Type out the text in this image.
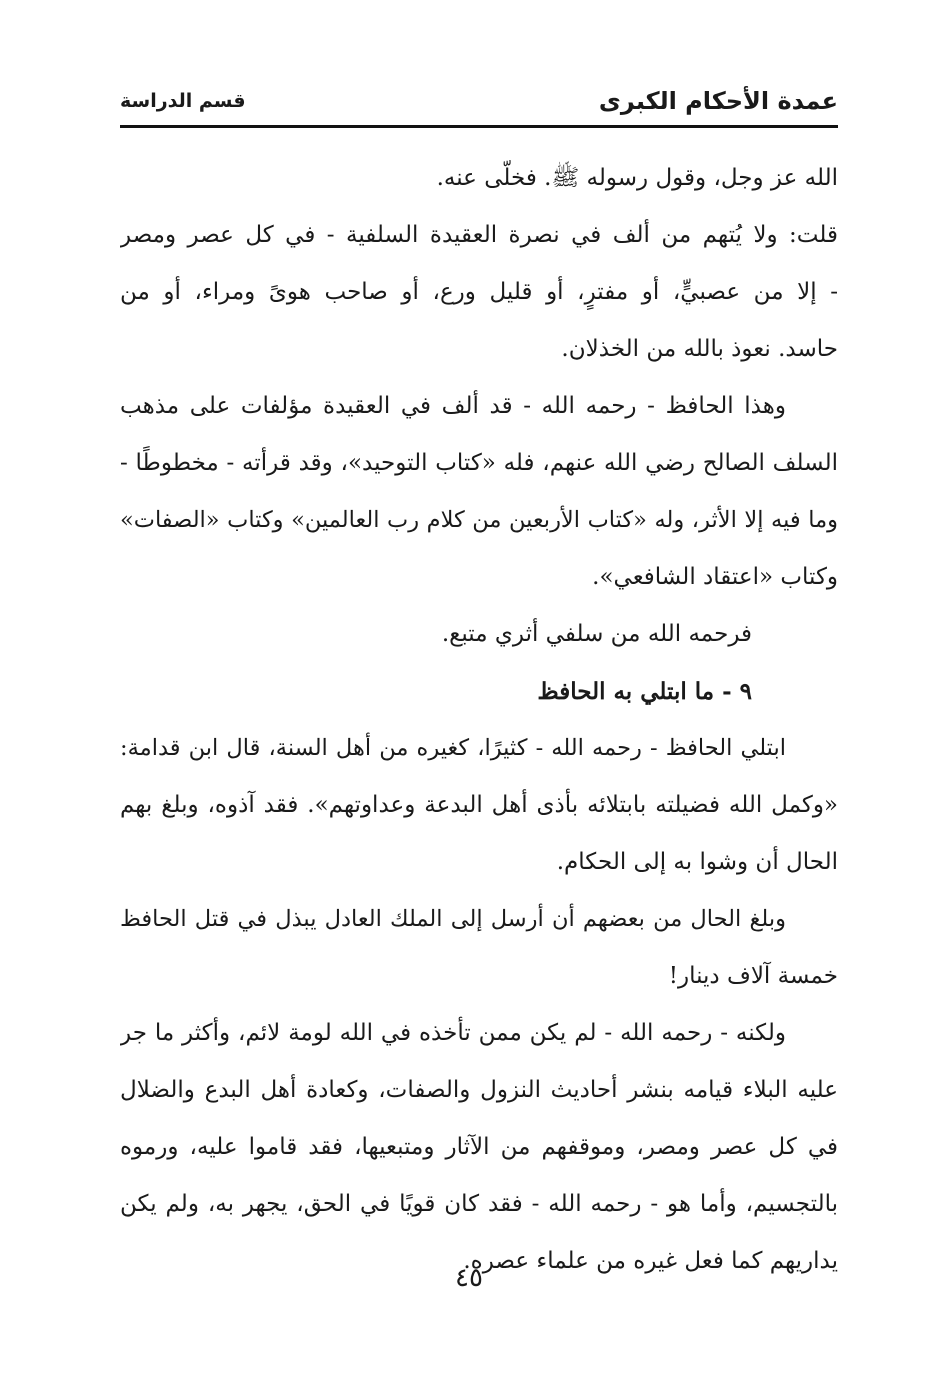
عمدة الأحكام الكبرى
قسم الدراسة
الله عز وجل، وقول رسوله ﷺ. فخلّى عنه.
قلت: ولا يُتهم من ألف في نصرة العقيدة السلفية - في كل عصر ومصر
- إلا من عصبيٍّ، أو مفترٍ، أو قليل ورع، أو صاحب هوىً ومراء، أو من
حاسد. نعوذ بالله من الخذلان.
وهذا الحافظ - رحمه الله - قد ألف في العقيدة مؤلفات على مذهب
السلف الصالح رضي الله عنهم، فله «كتاب التوحيد»، وقد قرأته - مخطوطًا -
وما فيه إلا الأثر، وله «كتاب الأربعين من كلام رب العالمين» وكتاب «الصفات»
وكتاب «اعتقاد الشافعي».
فرحمه الله من سلفي أثري متبع.
٩ - ما ابتلي به الحافظ
ابتلي الحافظ - رحمه الله - كثيرًا، كغيره من أهل السنة، قال ابن قدامة:
«وكمل الله فضيلته بابتلائه بأذى أهل البدعة وعداوتهم». فقد آذوه، وبلغ بهم
الحال أن وشوا به إلى الحكام.
وبلغ الحال من بعضهم أن أرسل إلى الملك العادل يبذل في قتل الحافظ
خمسة آلاف دينار!
ولكنه - رحمه الله - لم يكن ممن تأخذه في الله لومة لائم، وأكثر ما جر
عليه البلاء قيامه بنشر أحاديث النزول والصفات، وكعادة أهل البدع والضلال
في كل عصر ومصر، وموقفهم من الآثار ومتبعيها، فقد قاموا عليه، ورموه
بالتجسيم، وأما هو - رحمه الله - فقد كان قويًا في الحق، يجهر به، ولم يكن
يداريهم كما فعل غيره من علماء عصره.
٤٥
